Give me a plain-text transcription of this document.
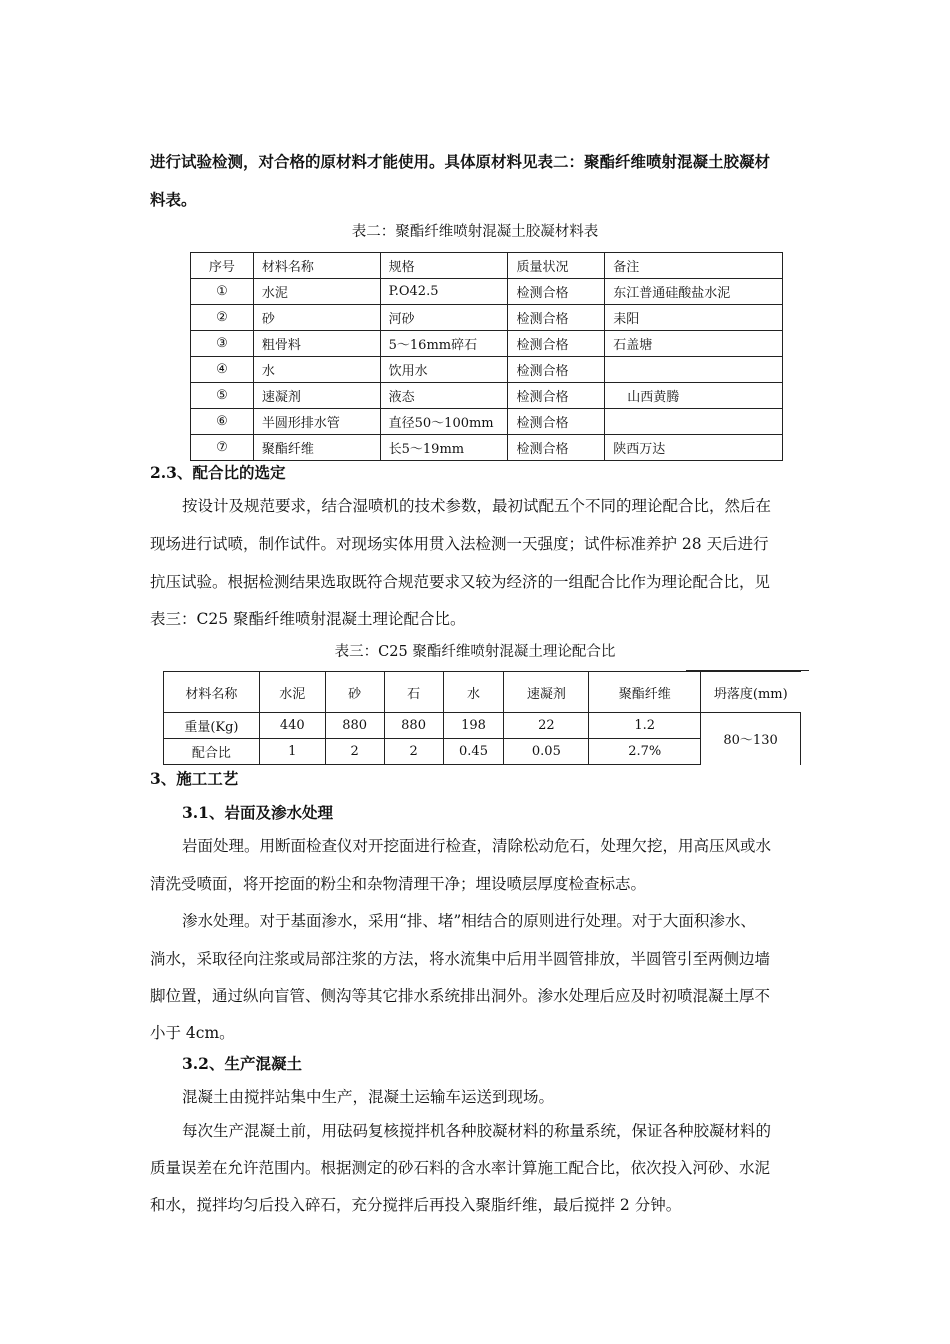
进行试验检测，对合格的原材料才能使用。具体原材料见表二：聚酯纤维喷射混凝土胶凝材
料表。
表二：聚酯纤维喷射混凝土胶凝材料表
序号	材料名称	规格	质量状况	备注
①	水泥	P.O42.5	检测合格	东江普通硅酸盐水泥
②	砂	河砂	检测合格	耒阳
③	粗骨料	5～16mm碎石	检测合格	石盖塘
④	水	饮用水	检测合格	
⑤	速凝剂	液态	检测合格	山西黄腾
⑥	半圆形排水管	直径50～100mm	检测合格	
⑦	聚酯纤维	长5～19mm	检测合格	陕西万达
2.3、配合比的选定
按设计及规范要求，结合湿喷机的技术参数，最初试配五个不同的理论配合比，然后在
现场进行试喷，制作试件。对现场实体用贯入法检测一天强度；试件标准养护 28 天后进行
抗压试验。根据检测结果选取既符合规范要求又较为经济的一组配合比作为理论配合比，见
表三：C25 聚酯纤维喷射混凝土理论配合比。
表三：C25 聚酯纤维喷射混凝土理论配合比
材料名称	水泥	砂	石	水	速凝剂	聚酯纤维	坍落度(mm)
重量(Kg)	440	880	880	198	22	1.2	80～130
配合比	1	2	2	0.45	0.05	2.7%	
3、施工工艺
3.1、岩面及渗水处理
岩面处理。用断面检查仪对开挖面进行检查，清除松动危石，处理欠挖，用高压风或水
清洗受喷面，将开挖面的粉尘和杂物清理干净；埋设喷层厚度检查标志。
渗水处理。对于基面渗水，采用“排、堵”相结合的原则进行处理。对于大面积渗水、
淌水，采取径向注浆或局部注浆的方法，将水流集中后用半圆管排放，半圆管引至两侧边墙
脚位置，通过纵向盲管、侧沟等其它排水系统排出洞外。渗水处理后应及时初喷混凝土厚不
小于 4cm。
3.2、生产混凝土
混凝土由搅拌站集中生产，混凝土运输车运送到现场。
每次生产混凝土前，用砝码复核搅拌机各种胶凝材料的称量系统，保证各种胶凝材料的
质量误差在允许范围内。根据测定的砂石料的含水率计算施工配合比，依次投入河砂、水泥
和水，搅拌均匀后投入碎石，充分搅拌后再投入聚脂纤维，最后搅拌 2 分钟。
